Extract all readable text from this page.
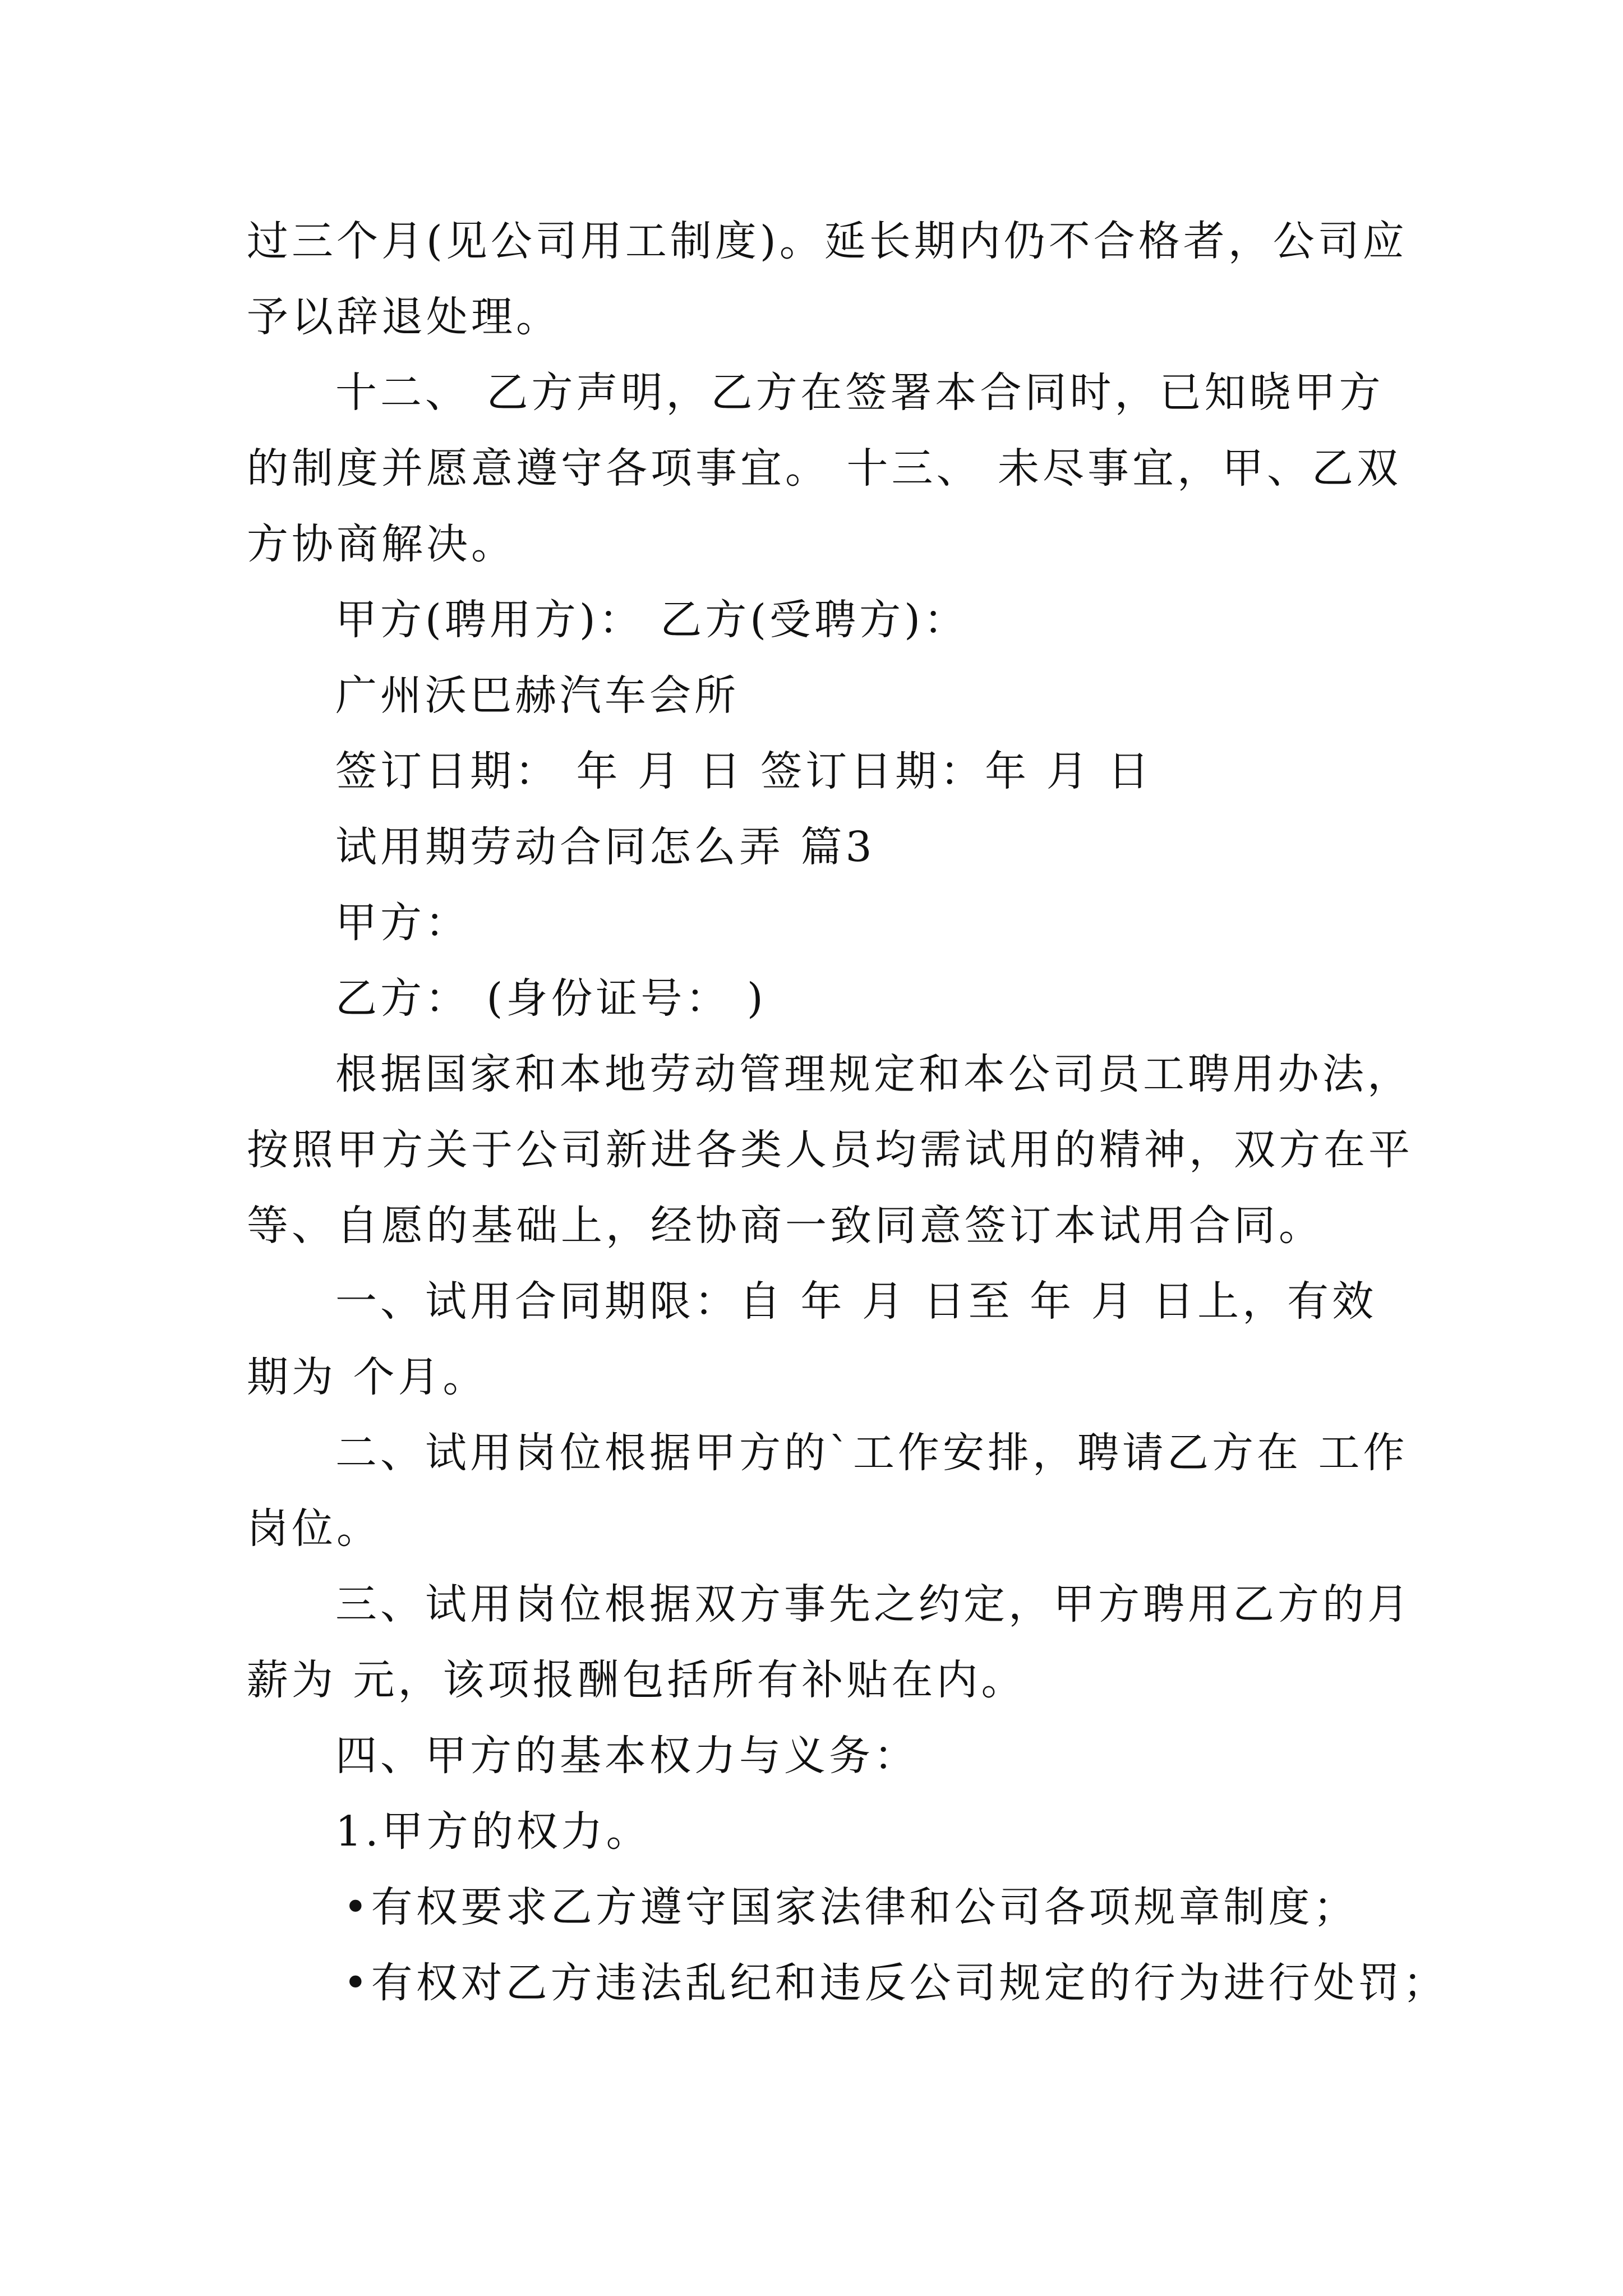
过三个月(见公司用工制度)。延长期内仍不合格者，公司应
予以辞退处理。
十二、 乙方声明，乙方在签署本合同时，已知晓甲方
的制度并愿意遵守各项事宜。 十三、 未尽事宜，甲、乙双
方协商解决。
甲方(聘用方)： 乙方(受聘方)：
广州沃巴赫汽车会所
签订日期： 年 月 日 签订日期：年 月 日
试用期劳动合同怎么弄 篇3
甲方：
乙方： (身份证号： )
根据国家和本地劳动管理规定和本公司员工聘用办法，
按照甲方关于公司新进各类人员均需试用的精神，双方在平
等、自愿的基础上，经协商一致同意签订本试用合同。
一、试用合同期限：自 年 月 日至 年 月 日上，有效
期为 个月。
二、试用岗位根据甲方的`工作安排，聘请乙方在 工作
岗位。
三、试用岗位根据双方事先之约定，甲方聘用乙方的月
薪为 元，该项报酬包括所有补贴在内。
四、甲方的基本权力与义务：
1.甲方的权力。
•有权要求乙方遵守国家法律和公司各项规章制度；
•有权对乙方违法乱纪和违反公司规定的行为进行处罚；
